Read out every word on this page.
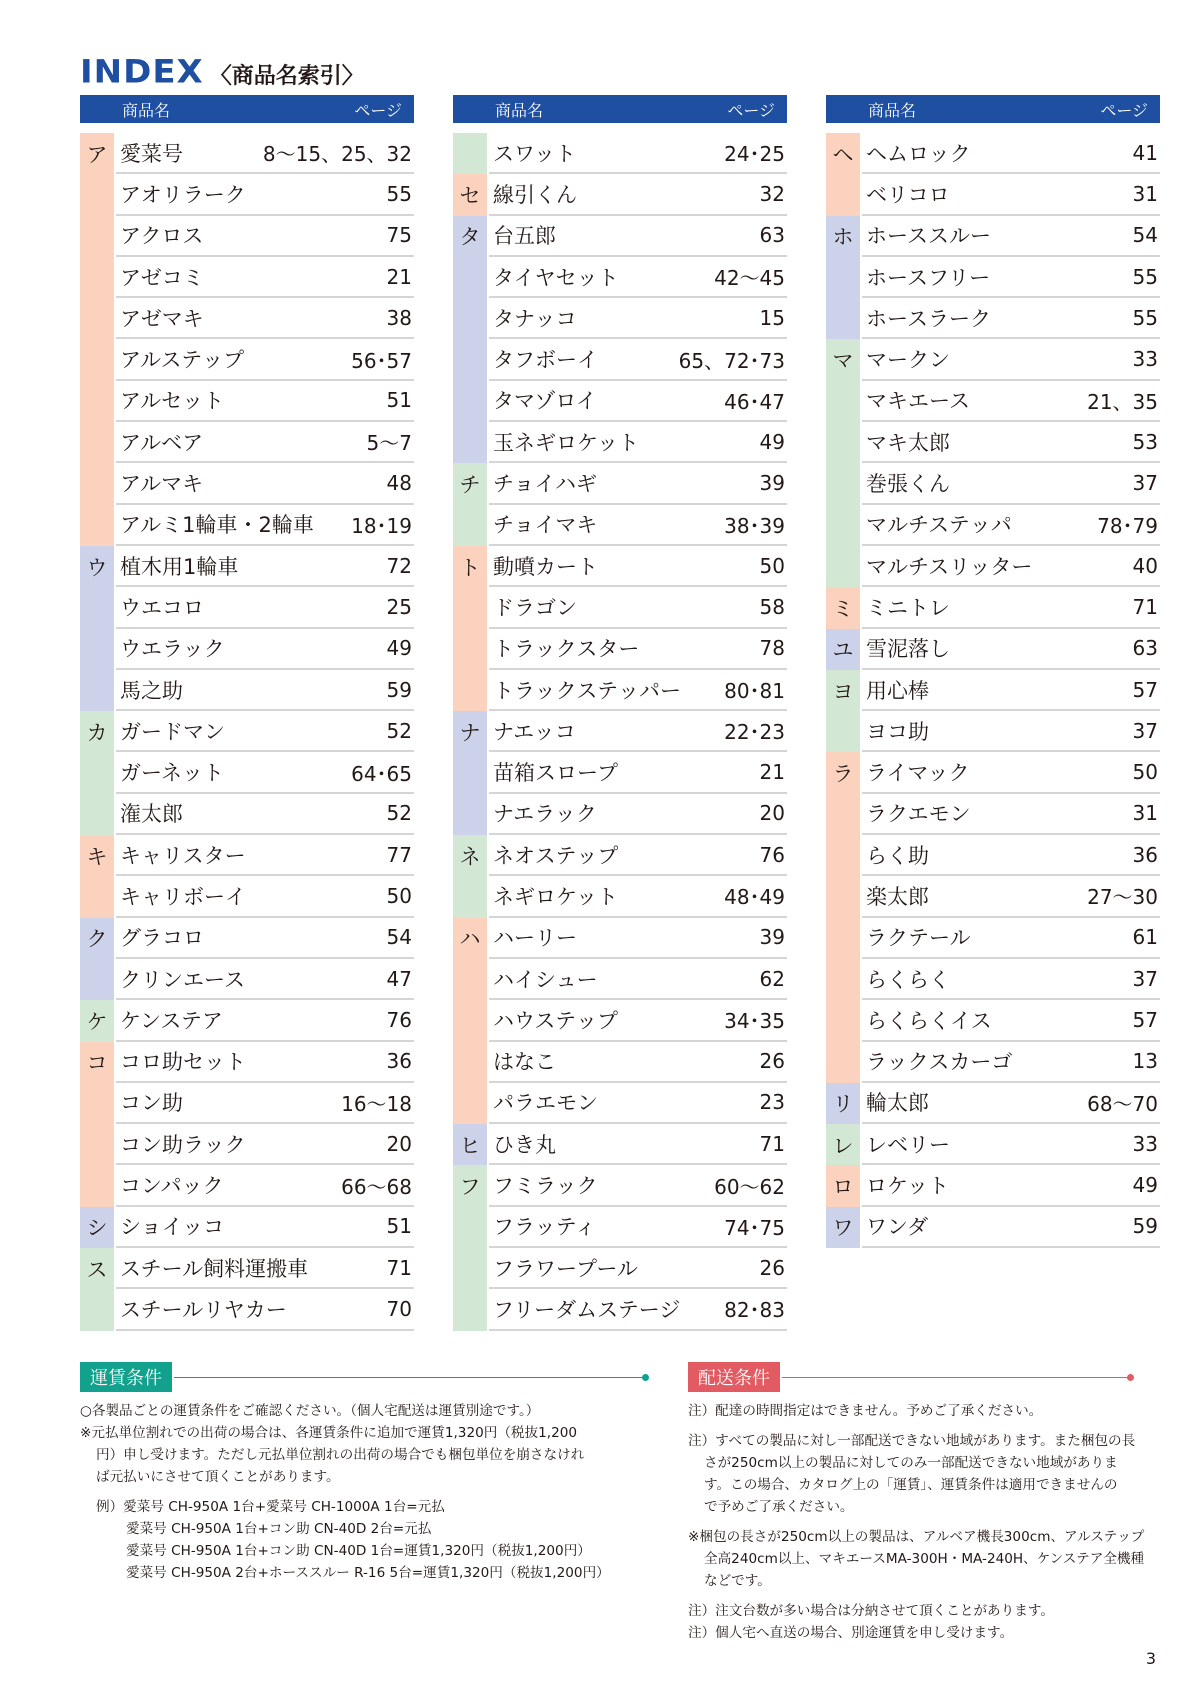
INDEX 〈商品名索引〉
商品名	ページ
ア 愛菜号	8〜15、25、32
アオリラーク	55
アクロス	75
アゼコミ	21
アゼマキ	38
アルステップ	56･57
アルセット	51
アルベア	5〜7
アルマキ	48
アルミ1輪車・2輪車 18･19
ウ 植木用1輪車	72
ウエコロ	25
ウエラック	49
馬之助	59
カ ガードマン	52
ガーネット	64･65
潅太郎	52
キ キャリスター	77
キャリボーイ	50
ク グラコロ	54
クリンエース	47
ケ ケンステア	76
コ コロ助セット	36
コン助	16〜18
コン助ラック	20
コンパック	66〜68
シ ショイッコ	51
ス スチール飼料運搬車	71
スチールリヤカー	70
商品名	ページ
スワット	24･25
セ 線引くん	32
タ 台五郎	63
タイヤセット	42〜45
タナッコ	15
タフボーイ	65、72･73
タマゾロイ	46･47
玉ネギロケット	49
チ チョイハギ	39
チョイマキ	38･39
ト 動噴カート	50
ドラゴン	58
トラックスター	78
トラックステッパー 80･81
ナ ナエッコ	22･23
苗箱スロープ	21
ナエラック	20
ネ ネオステップ	76
ネギロケット	48･49
ハ ハーリー	39
ハイシュー	62
ハウステップ	34･35
はなこ	26
パラエモン	23
ヒ ひき丸	71
フ フミラック	60〜62
フラッティ	74･75
フラワープール	26
フリーダムステージ 82･83
商品名	ページ
ヘ ヘムロック	41
ベリコロ	31
ホ ホーススルー	54
ホースフリー	55
ホースラーク	55
マ マークン	33
マキエース	21、35
マキ太郎	53
巻張くん	37
マルチステッパ	78･79
マルチスリッター	40
ミ ミニトレ	71
ユ 雪泥落し	63
ヨ 用心棒	57
ヨコ助	37
ラ ライマック	50
ラクエモン	31
らく助	36
楽太郎	27〜30
ラクテール	61
らくらく	37
らくらくイス	57
ラックスカーゴ	13
リ 輪太郎	68〜70
レ レベリー	33
ロ ロケット	49
ワ ワンダ	59
運賃条件
○各製品ごとの運賃条件をご確認ください。（個人宅配送は運賃別途です。）
※元払単位割れでの出荷の場合は、各運賃条件に追加で運賃1,320円（税抜1,200
円）申し受けます。ただし元払単位割れの出荷の場合でも梱包単位を崩さなけれ
ば元払いにさせて頂くことがあります。
例）愛菜号 CH-950A 1台+愛菜号 CH-1000A 1台=元払
愛菜号 CH-950A 1台+コン助 CN-40D 2台=元払
愛菜号 CH-950A 1台+コン助 CN-40D 1台=運賃1,320円（税抜1,200円）
愛菜号 CH-950A 2台+ホーススルー R-16 5台=運賃1,320円（税抜1,200円）
配送条件
注）配達の時間指定はできません。予めご了承ください。
注）すべての製品に対し一部配送できない地域があります。また梱包の長
さが250cm以上の製品に対してのみ一部配送できない地域がありま
す。この場合、カタログ上の「運賃」、運賃条件は適用できませんの
で予めご了承ください。
※梱包の長さが250cm以上の製品は、アルベア機長300cm、アルステップ
全高240cm以上、マキエースMA-300H・MA-240H、ケンステア全機種
などです。
注）注文台数が多い場合は分納させて頂くことがあります。
注）個人宅へ直送の場合、別途運賃を申し受けます。
3
